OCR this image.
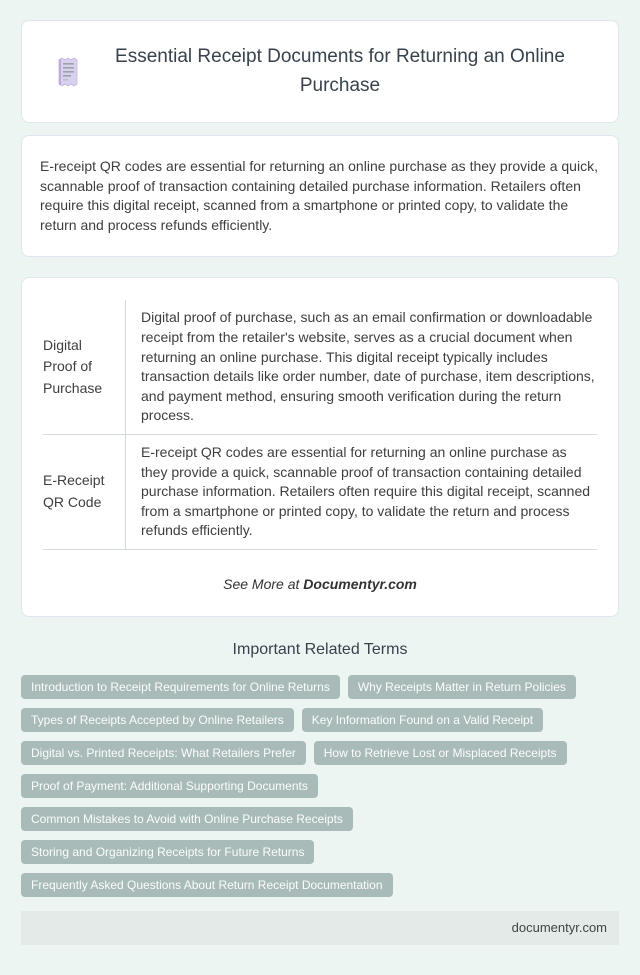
Essential Receipt Documents for Returning an Online Purchase

E-receipt QR codes are essential for returning an online purchase as they provide a quick, scannable proof of transaction containing detailed purchase information. Retailers often require this digital receipt, scanned from a smartphone or printed copy, to validate the return and process refunds efficiently.

Digital Proof of Purchase	Digital proof of purchase, such as an email confirmation or downloadable receipt from the retailer's website, serves as a crucial document when returning an online purchase. This digital receipt typically includes transaction details like order number, date of purchase, item descriptions, and payment method, ensuring smooth verification during the return process.
E-Receipt QR Code	E-receipt QR codes are essential for returning an online purchase as they provide a quick, scannable proof of transaction containing detailed purchase information. Retailers often require this digital receipt, scanned from a smartphone or printed copy, to validate the return and process refunds efficiently.

See More at Documentyr.com

Important Related Terms
Introduction to Receipt Requirements for Online Returns	Why Receipts Matter in Return Policies
Types of Receipts Accepted by Online Retailers	Key Information Found on a Valid Receipt
Digital vs. Printed Receipts: What Retailers Prefer	How to Retrieve Lost or Misplaced Receipts
Proof of Payment: Additional Supporting Documents
Common Mistakes to Avoid with Online Purchase Receipts
Storing and Organizing Receipts for Future Returns
Frequently Asked Questions About Return Receipt Documentation
documentyr.com
